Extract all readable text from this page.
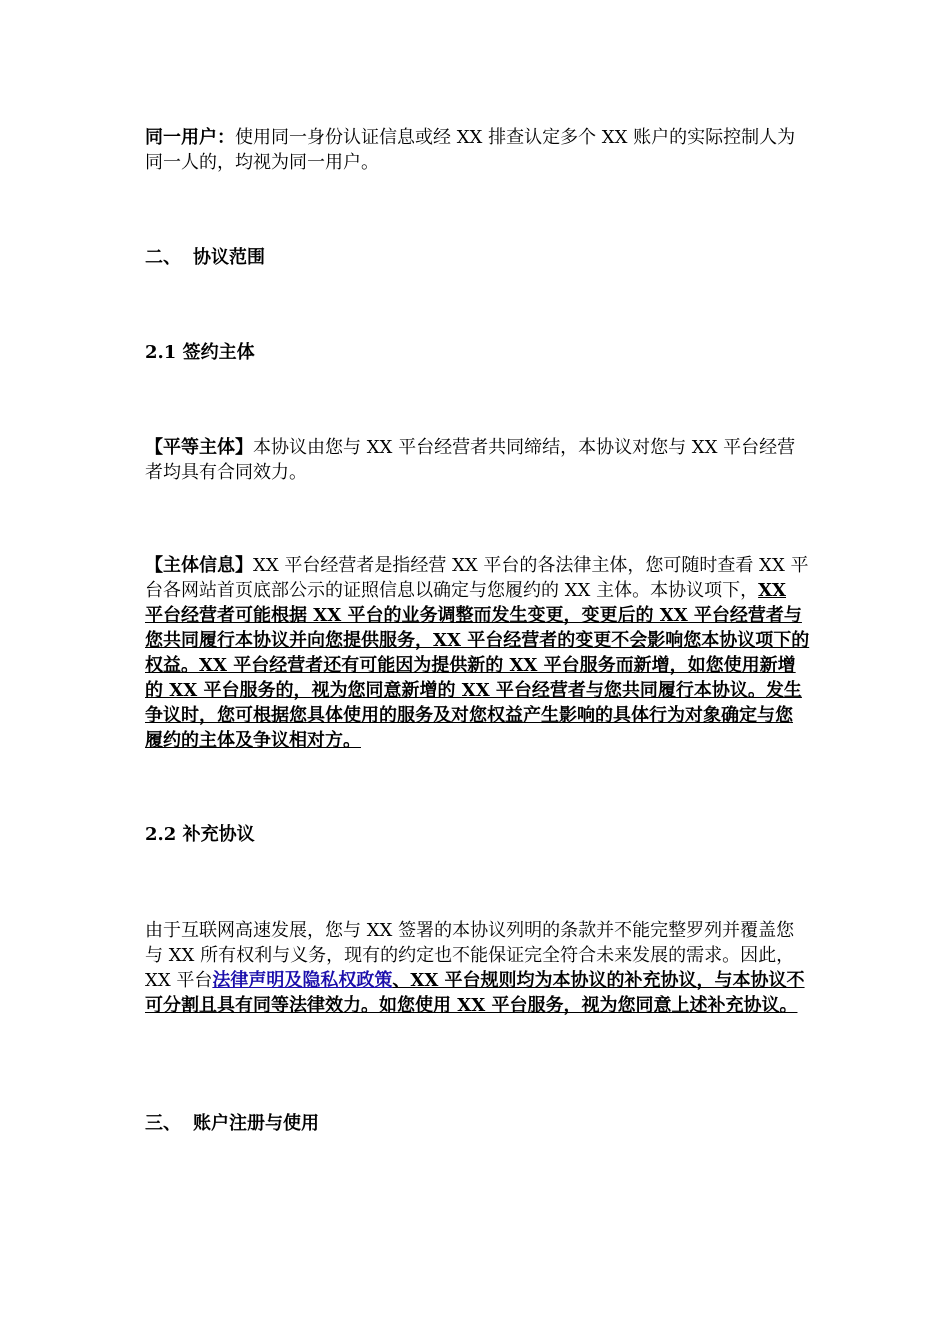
同一用户：使用同一身份认证信息或经 XX 排查认定多个 XX 账户的实际控制人为同一人的，均视为同一用户。

二、 协议范围

2.1 签约主体

【平等主体】本协议由您与 XX 平台经营者共同缔结，本协议对您与 XX 平台经营者均具有合同效力。

【主体信息】XX 平台经营者是指经营 XX 平台的各法律主体，您可随时查看 XX 平台各网站首页底部公示的证照信息以确定与您履约的 XX 主体。本协议项下，XX 平台经营者可能根据 XX 平台的业务调整而发生变更，变更后的 XX 平台经营者与您共同履行本协议并向您提供服务，XX 平台经营者的变更不会影响您本协议项下的权益。XX 平台经营者还有可能因为提供新的 XX 平台服务而新增，如您使用新增的 XX 平台服务的，视为您同意新增的 XX 平台经营者与您共同履行本协议。发生争议时，您可根据您具体使用的服务及对您权益产生影响的具体行为对象确定与您履约的主体及争议相对方。

2.2 补充协议

由于互联网高速发展，您与 XX 签署的本协议列明的条款并不能完整罗列并覆盖您与 XX 所有权利与义务，现有的约定也不能保证完全符合未来发展的需求。因此，XX 平台法律声明及隐私权政策、XX 平台规则均为本协议的补充协议，与本协议不可分割且具有同等法律效力。如您使用 XX 平台服务，视为您同意上述补充协议。

三、 账户注册与使用
